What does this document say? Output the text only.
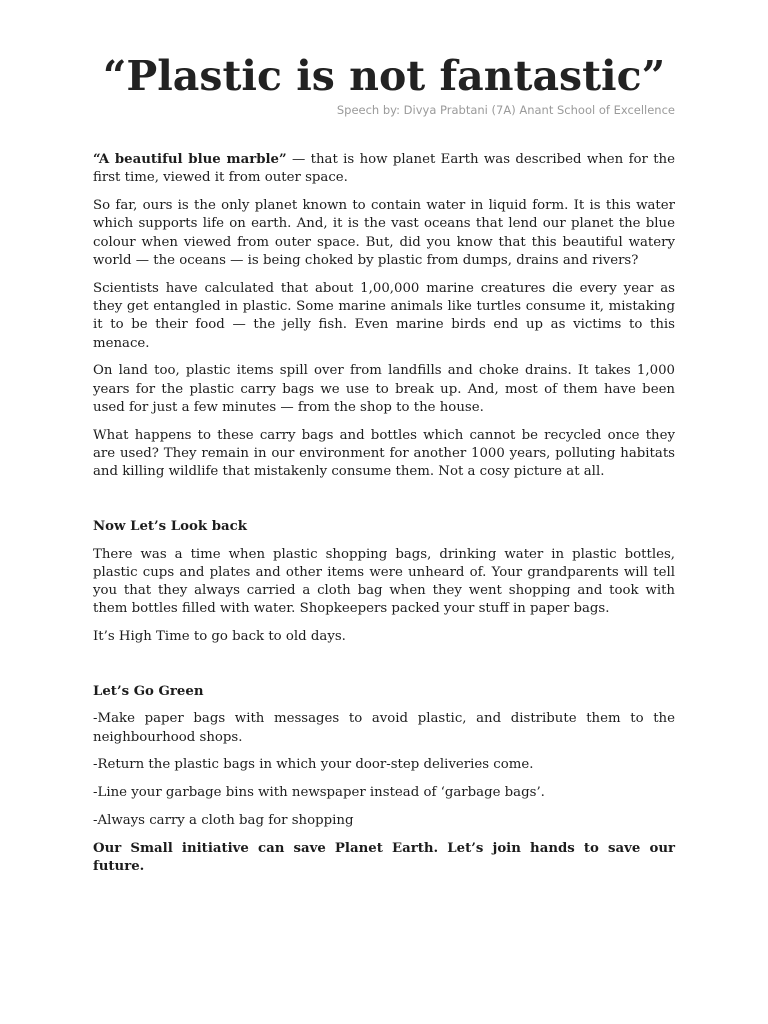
“Plastic is not fantastic”
Speech by: Divya Prabtani (7A) Anant School of Excellence

“A beautiful blue marble” — that is how planet Earth was described when for the first time, viewed it from outer space.

So far, ours is the only planet known to contain water in liquid form. It is this water which supports life on earth. And, it is the vast oceans that lend our planet the blue colour when viewed from outer space. But, did you know that this beautiful watery world — the oceans — is being choked by plastic from dumps, drains and rivers?

Scientists have calculated that about 1,00,000 marine creatures die every year as they get entangled in plastic. Some marine animals like turtles consume it, mistaking it to be their food — the jelly fish. Even marine birds end up as victims to this menace.

On land too, plastic items spill over from landfills and choke drains. It takes 1,000 years for the plastic carry bags we use to break up. And, most of them have been used for just a few minutes — from the shop to the house.

What happens to these carry bags and bottles which cannot be recycled once they are used? They remain in our environment for another 1000 years, polluting habitats and killing wildlife that mistakenly consume them. Not a cosy picture at all.

Now Let’s Look back

There was a time when plastic shopping bags, drinking water in plastic bottles, plastic cups and plates and other items were unheard of. Your grandparents will tell you that they always carried a cloth bag when they went shopping and took with them bottles filled with water. Shopkeepers packed your stuff in paper bags.

It’s High Time to go back to old days.

Let’s Go Green

-Make paper bags with messages to avoid plastic, and distribute them to the neighbourhood shops.

-Return the plastic bags in which your door-step deliveries come.

-Line your garbage bins with newspaper instead of ‘garbage bags’.

-Always carry a cloth bag for shopping

Our Small initiative can save Planet Earth. Let’s join hands to save our future.
